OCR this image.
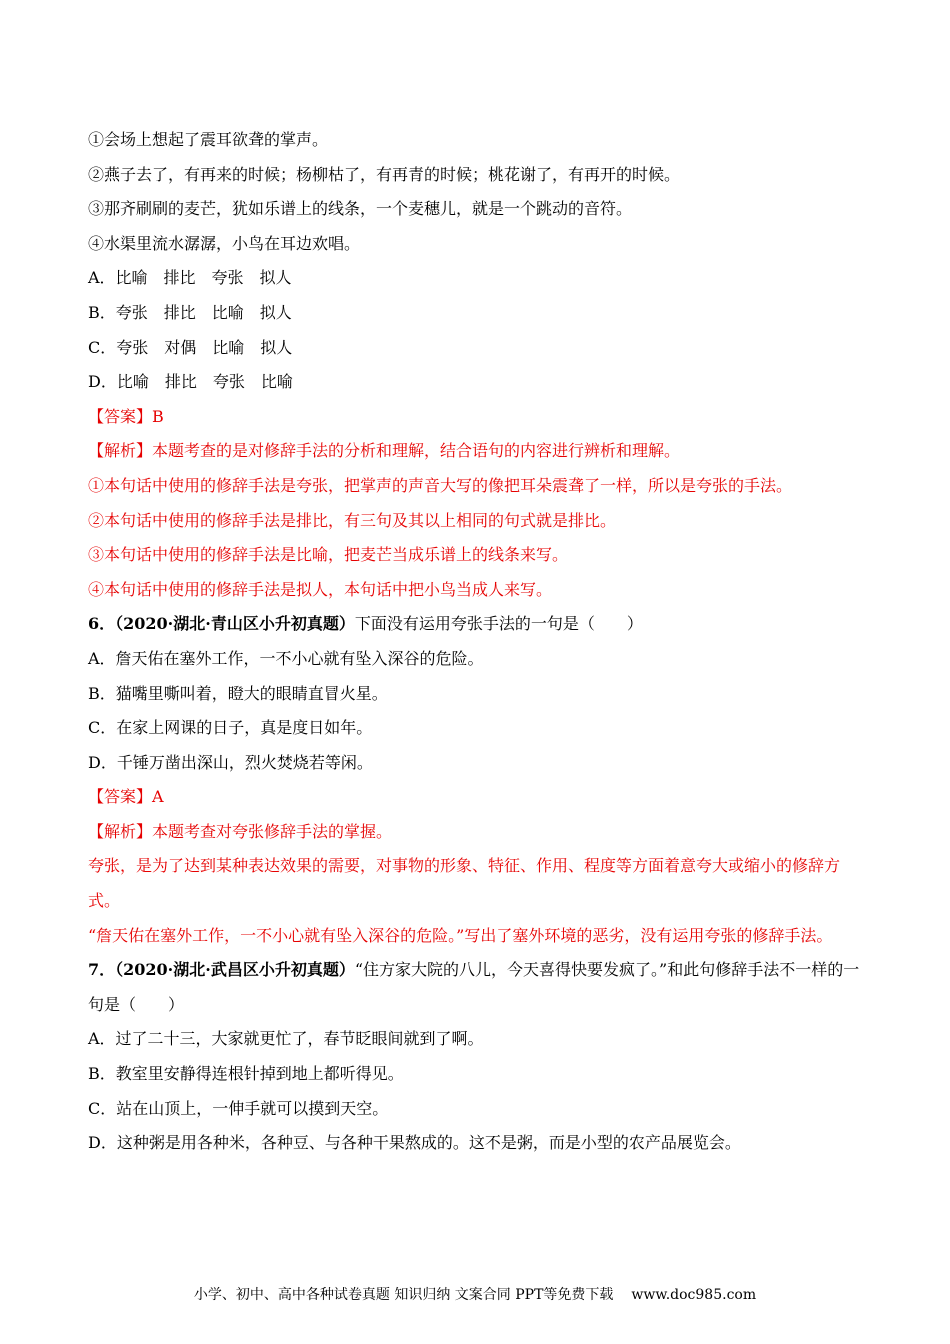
①会场上想起了震耳欲聋的掌声。
②燕子去了，有再来的时候；杨柳枯了，有再青的时候；桃花谢了，有再开的时候。
③那齐刷刷的麦芒，犹如乐谱上的线条，一个麦穗儿，就是一个跳动的音符。
④水渠里流水潺潺，小鸟在耳边欢唱。
A．比喻　排比　夸张　拟人
B．夸张　排比　比喻　拟人
C．夸张　对偶　比喻　拟人
D．比喻　排比　夸张　比喻
【答案】B
【解析】本题考查的是对修辞手法的分析和理解，结合语句的内容进行辨析和理解。
①本句话中使用的修辞手法是夸张，把掌声的声音大写的像把耳朵震聋了一样，所以是夸张的手法。
②本句话中使用的修辞手法是排比，有三句及其以上相同的句式就是排比。
③本句话中使用的修辞手法是比喻，把麦芒当成乐谱上的线条来写。
④本句话中使用的修辞手法是拟人，本句话中把小鸟当成人来写。
6．（2020·湖北·青山区小升初真题）下面没有运用夸张手法的一句是（　　）
A．詹天佑在塞外工作，一不小心就有坠入深谷的危险。
B．猫嘴里嘶叫着，瞪大的眼睛直冒火星。
C．在家上网课的日子，真是度日如年。
D．千锤万凿出深山，烈火焚烧若等闲。
【答案】A
【解析】本题考查对夸张修辞手法的掌握。
夸张，是为了达到某种表达效果的需要，对事物的形象、特征、作用、程度等方面着意夸大或缩小的修辞方式。
“詹天佑在塞外工作，一不小心就有坠入深谷的危险。”写出了塞外环境的恶劣，没有运用夸张的修辞手法。
7．（2020·湖北·武昌区小升初真题）“住方家大院的八儿，今天喜得快要发疯了。”和此句修辞手法不一样的一句是（　　）
A．过了二十三，大家就更忙了，春节眨眼间就到了啊。
B．教室里安静得连根针掉到地上都听得见。
C．站在山顶上，一伸手就可以摸到天空。
D．这种粥是用各种米，各种豆、与各种干果熬成的。这不是粥，而是小型的农产品展览会。
小学、初中、高中各种试卷真题 知识归纳 文案合同 PPT等免费下载 www.doc985.com
